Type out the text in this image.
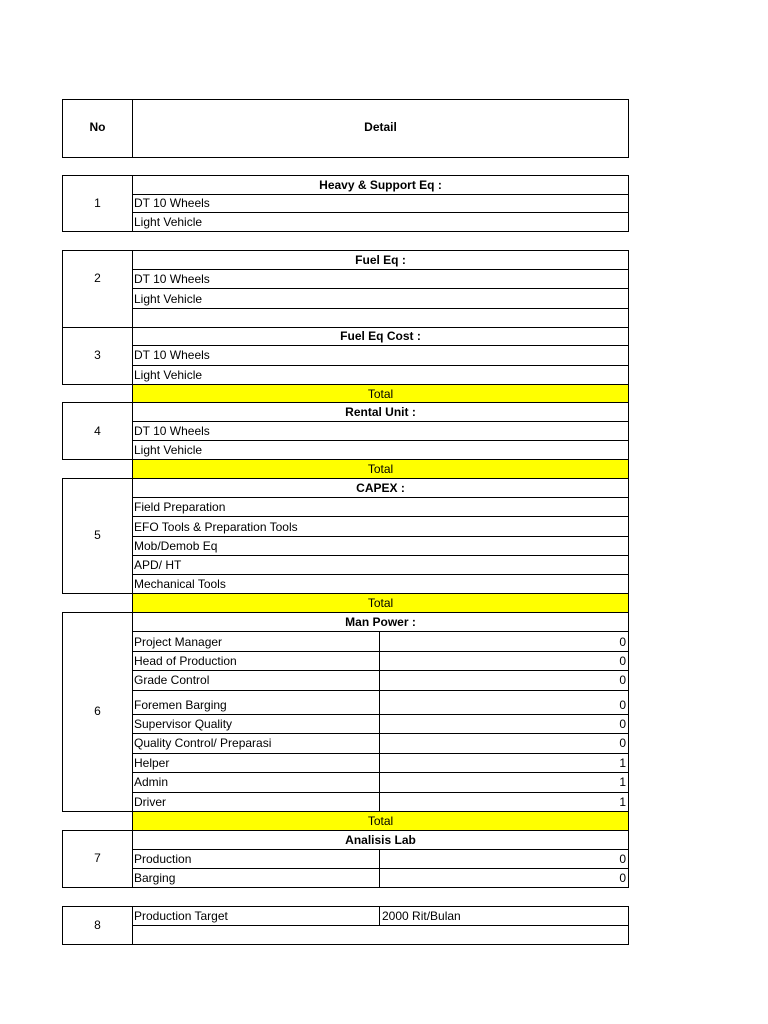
No	Detail
1
Heavy & Support Eq :
DT 10 Wheels
Light Vehicle
2
Fuel Eq :
DT 10 Wheels
Light Vehicle
3
Fuel Eq Cost :
DT 10 Wheels
Light Vehicle
Total
4
Rental Unit :
DT 10 Wheels
Light Vehicle
Total
5
CAPEX :
Field Preparation
EFO Tools & Preparation Tools
Mob/Demob Eq
APD/ HT
Mechanical Tools
Total
6
Man Power :
Project Manager	0
Head of Production	0
Grade Control	0
Foremen Barging	0
Supervisor Quality	0
Quality Control/ Preparasi	0
Helper	1
Admin	1
Driver	1
Total
7
Analisis Lab
Production	0
Barging	0
8
Production Target	2000 Rit/Bulan
